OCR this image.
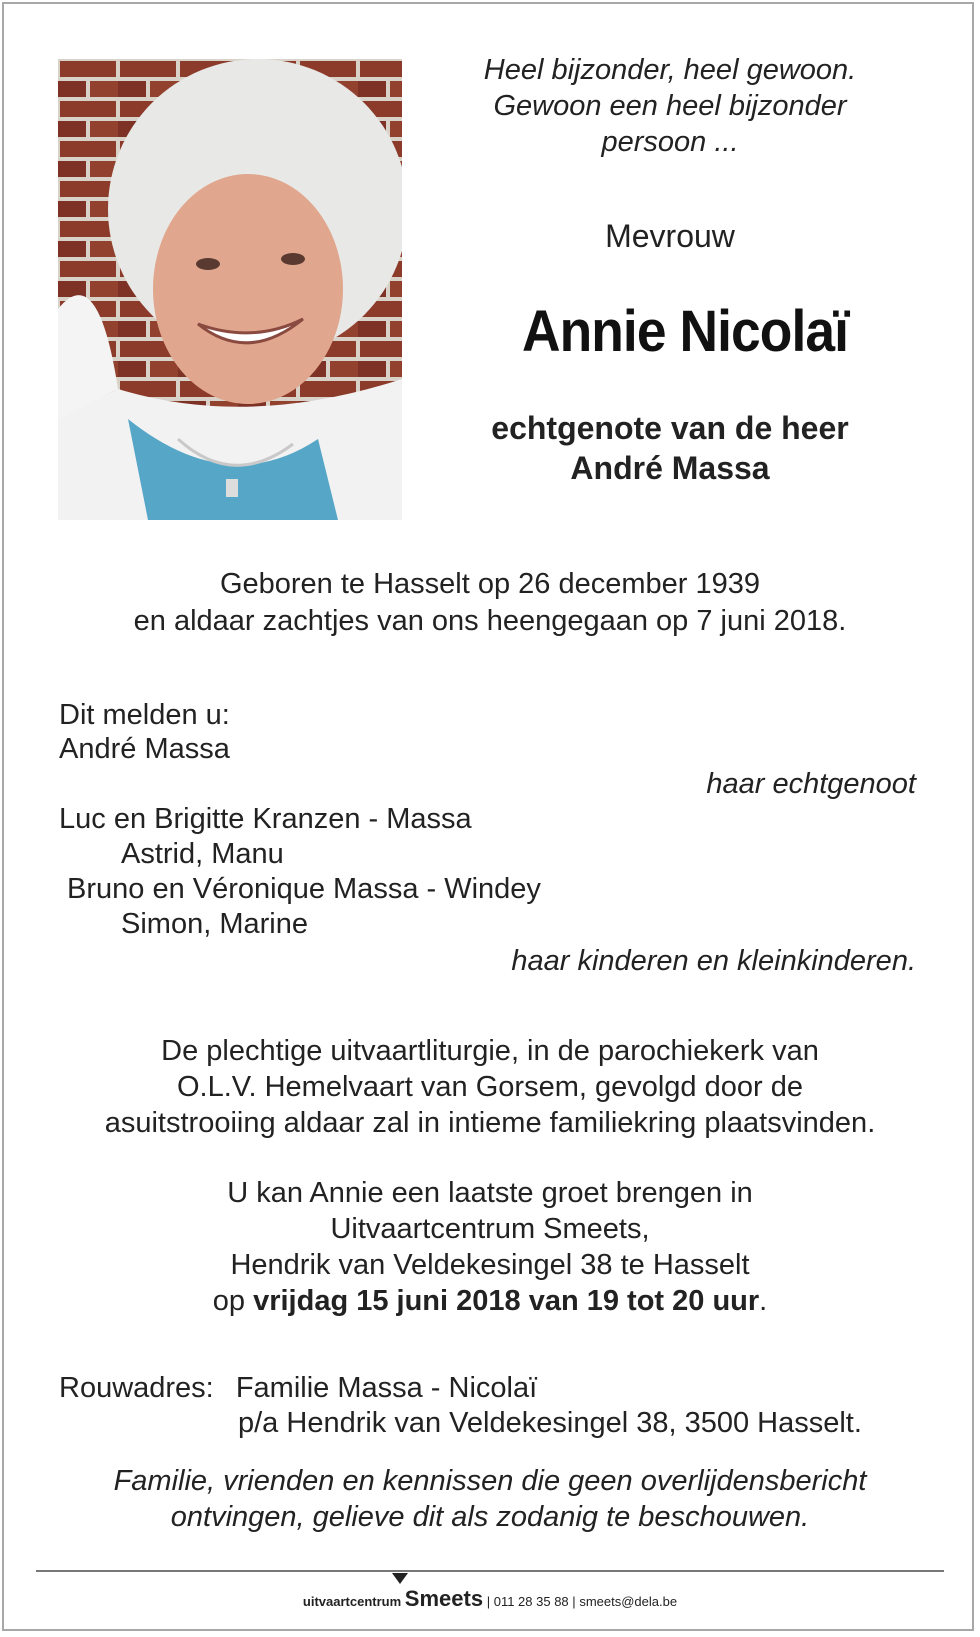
Heel bijzonder, heel gewoon.
Gewoon een heel bijzonder
persoon ...
Mevrouw
Annie Nicolaï
echtgenote van de heer
André Massa
Geboren te Hasselt op 26 december 1939
en aldaar zachtjes van ons heengegaan op 7 juni 2018.
Dit melden u:
André Massa
haar echtgenoot
Luc en Brigitte Kranzen - Massa
Astrid, Manu
Bruno en Véronique Massa - Windey
Simon, Marine
haar kinderen en kleinkinderen.
De plechtige uitvaartliturgie, in de parochiekerk van
O.L.V. Hemelvaart van Gorsem, gevolgd door de
asuitstrooiing aldaar zal in intieme familiekring plaatsvinden.
U kan Annie een laatste groet brengen in
Uitvaartcentrum Smeets,
Hendrik van Veldekesingel 38 te Hasselt
op vrijdag 15 juni 2018 van 19 tot 20 uur.
Rouwadres: Familie Massa - Nicolaï
p/a Hendrik van Veldekesingel 38, 3500 Hasselt.
Familie, vrienden en kennissen die geen overlijdensbericht
ontvingen, gelieve dit als zodanig te beschouwen.
uitvaartcentrum Smeets | 011 28 35 88 | smeets@dela.be
